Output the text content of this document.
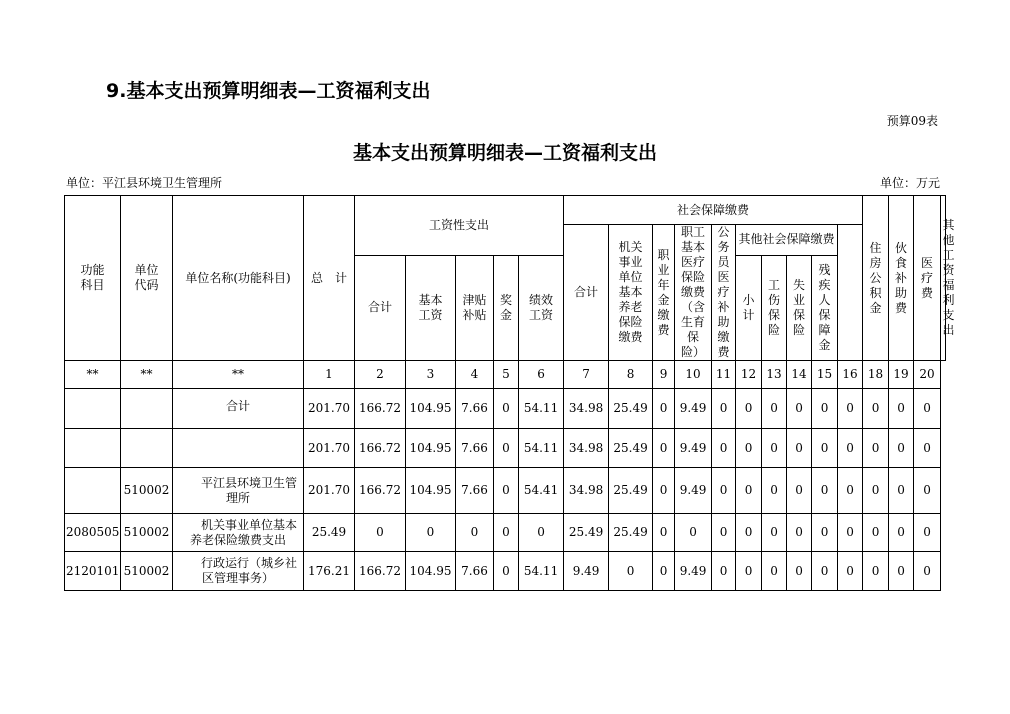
9.基本支出预算明细表—工资福利支出
预算09表
基本支出预算明细表—工资福利支出
单位：平江县环境卫生管理所	单位：万元
功能科目	单位代码	单位名称(功能科目)	总　计	工资性支出					社会保障缴费										住房公积金	伙食补助费	医疗费	其他工资福利支出

									合计	机关事业单位基本养老保险缴费	职业年金缴费	职工基本医疗保险缴费（含生育保险）	公务员医疗补助缴费	其他社会保障缴费								
				合计	基本工资	津贴补贴	奖金	绩效工资						小计	工伤保险	失业保险	残疾人保障金					

**	**	**	1	2	3	4	5	6	7	8	9	10	11	12	13	14	15	16	18	19	20	
		合计	201.70	166.72	104.95	7.66	0	54.11	34.98	25.49	0	9.49	0	0	0	0	0	0	0	0	0	
			201.70	166.72	104.95	7.66	0	54.11	34.98	25.49	0	9.49	0	0	0	0	0	0	0	0	0	
	510002	平江县环境卫生管理所	201.70	166.72	104.95	7.66	0	54.41	34.98	25.49	0	9.49	0	0	0	0	0	0	0	0	0	
2080505	510002	机关事业单位基本养老保险缴费支出	25.49	0	0	0	0	0	25.49	25.49	0	0	0	0	0	0	0	0	0	0	0	
2120101	510002	行政运行（城乡社区管理事务）	176.21	166.72	104.95	7.66	0	54.11	9.49	0	0	9.49	0	0	0	0	0	0	0	0	0	
